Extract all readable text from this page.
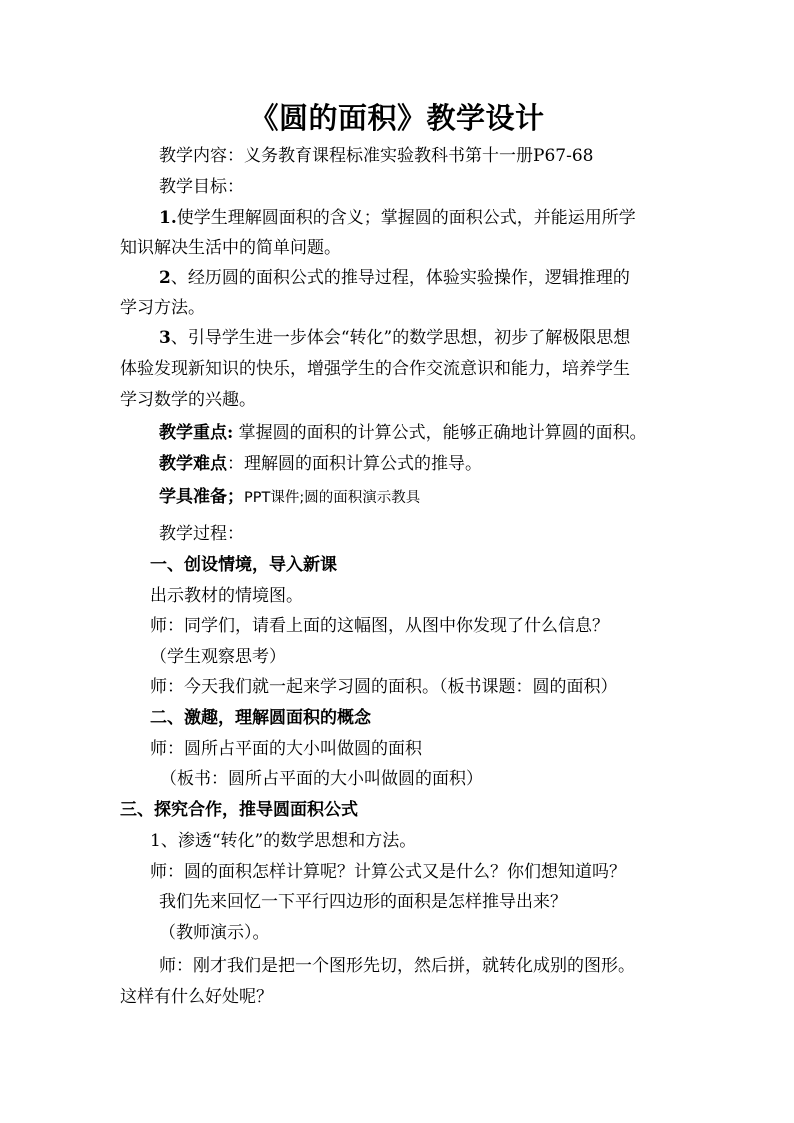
《圆的面积》教学设计
教学内容：义务教育课程标准实验教科书第十一册P67-68
教学目标：
1.使学生理解圆面积的含义；掌握圆的面积公式，并能运用所学
知识解决生活中的简单问题。
2、经历圆的面积公式的推导过程，体验实验操作，逻辑推理的
学习方法。
3、引导学生进一步体会“转化”的数学思想，初步了解极限思想
体验发现新知识的快乐，增强学生的合作交流意识和能力，培养学生
学习数学的兴趣。
教学重点: 掌握圆的面积的计算公式，能够正确地计算圆的面积。
教学难点：理解圆的面积计算公式的推导。
学具准备；PPT课件;圆的面积演示教具
教学过程：
一、创设情境，导入新课
出示教材的情境图。
师：同学们，请看上面的这幅图，从图中你发现了什么信息？
（学生观察思考）
师：今天我们就一起来学习圆的面积。（板书课题：圆的面积）
二、激趣，理解圆面积的概念
师：圆所占平面的大小叫做圆的面积
（板书：圆所占平面的大小叫做圆的面积）
三、探究合作，推导圆面积公式
1、渗透“转化”的数学思想和方法。
师：圆的面积怎样计算呢？计算公式又是什么？你们想知道吗？
我们先来回忆一下平行四边形的面积是怎样推导出来？
（教师演示）。
师：刚才我们是把一个图形先切，然后拼，就转化成别的图形。
这样有什么好处呢？
